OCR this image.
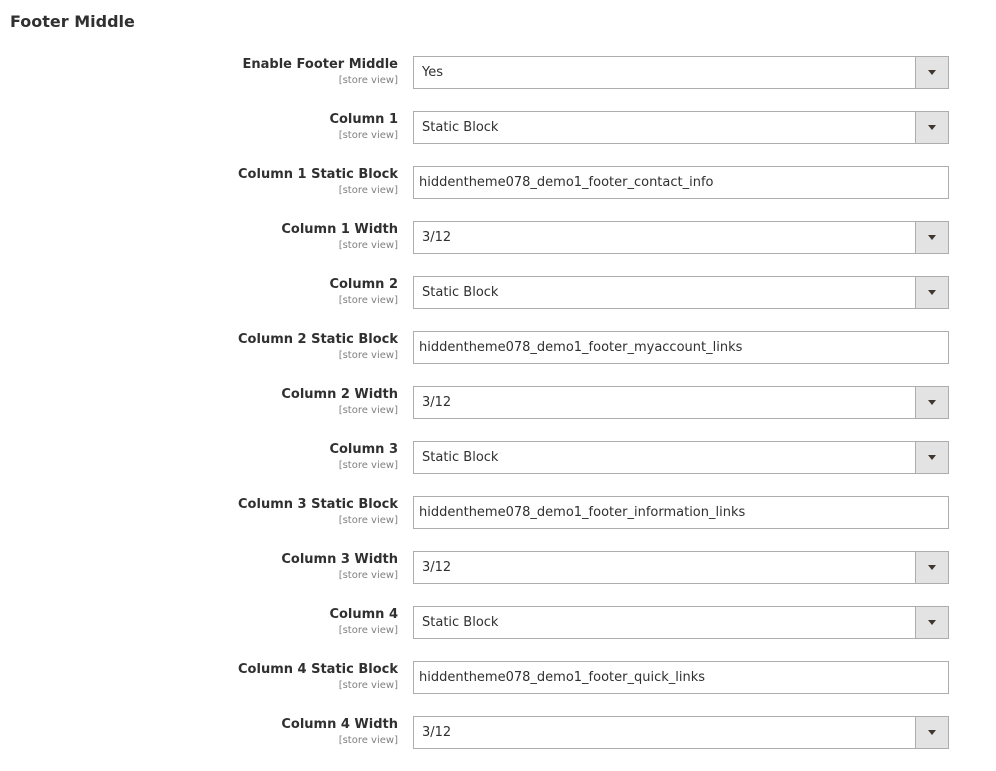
Footer Middle
Enable Footer Middle
[store view]
Yes
Column 1
[store view]
Static Block
Column 1 Static Block
[store view]
hiddentheme078_demo1_footer_contact_info
Column 1 Width
[store view]
3/12
Column 2
[store view]
Static Block
Column 2 Static Block
[store view]
hiddentheme078_demo1_footer_myaccount_links
Column 2 Width
[store view]
3/12
Column 3
[store view]
Static Block
Column 3 Static Block
[store view]
hiddentheme078_demo1_footer_information_links
Column 3 Width
[store view]
3/12
Column 4
[store view]
Static Block
Column 4 Static Block
[store view]
hiddentheme078_demo1_footer_quick_links
Column 4 Width
[store view]
3/12
